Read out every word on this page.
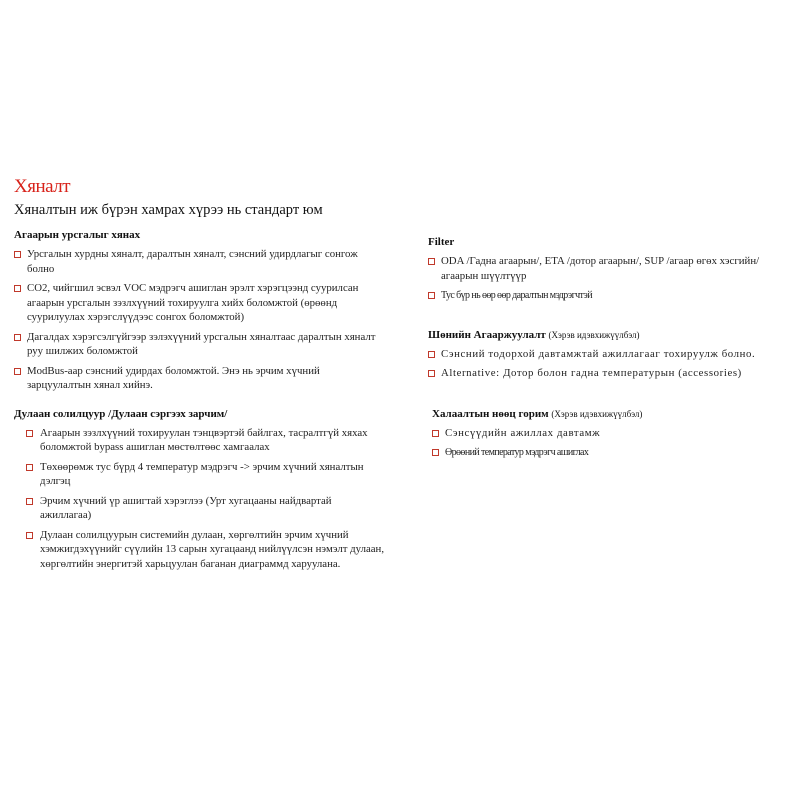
Хяналт
Хяналтын иж бүрэн хамрах хүрээ нь стандарт юм
Агаарын урсгалыг хянах
Урсгалын хурдны хяналт, даралтын хяналт, сэнсний удирдлагыг сонгож болно
CO2, чийгшил эсвэл VOC мэдрэгч ашиглан эрэлт хэрэгцээнд суурилсан агаарын урсгалын зэзлхүүний тохируулга хийх боломжтой (өрөөнд суурилуулах хэрэгслүүдээс сонгох боломжтой)
Дагалдах хэрэгсэлгүйгээр зэлэхүүний урсгалын хяналтаас даралтын хяналт руу шилжих боломжтой
ModBus-аар сэнсний удирдах боломжтой. Энэ нь эрчим хүчний зарцуулалтын хянал хийнэ.
Дулаан солилцуур /Дулаан сэргээх зарчим/
Агаарын зэзлхүүний тохируулан тэнцвэртэй байлгах, тасралтгүй хяхах боломжтой bypass ашиглан мөстөлтөөс хамгаалах
Төхөөрөмж тус бүрд 4 температур мэдрэгч -> эрчим хүчний хяналтын дэлгэц
Эрчим хүчний үр ашигтай хэрэглээ (Урт хугацааны найдвартай ажиллагаа)
Дулаан солилцуурын системийн дулаан, хөргөлтийн эрчим хүчний хэмжигдэхүүнийг сүүлийн 13 сарын хугацаанд нийлүүлсэн нэмэлт дулаан, хөргөлтийн энергитэй харьцуулан баганан диаграммд харуулана.
Filter
ODA /Гадна агаарын/, ETA /дотор агаарын/, SUP /агаар өгөх хэсгийн/ агаарын шүүлтүүр
Тус бүр нь өөр өөр даралтын мэдрэгчтэй
Шөнийн Агааржуулалт (Хэрэв идэвхижүүлбэл)
Сэнсний тодорхой давтамжтай ажиллагааг тохируулж болно.
Alternative: Дотор болон гадна температурын (accessories)
Халаалтын нөөц горим (Хэрэв идэвхижүүлбэл)
Сэнсүүдийн ажиллах давтамж
Өрөөний температур мэдрэгч ашиглах
